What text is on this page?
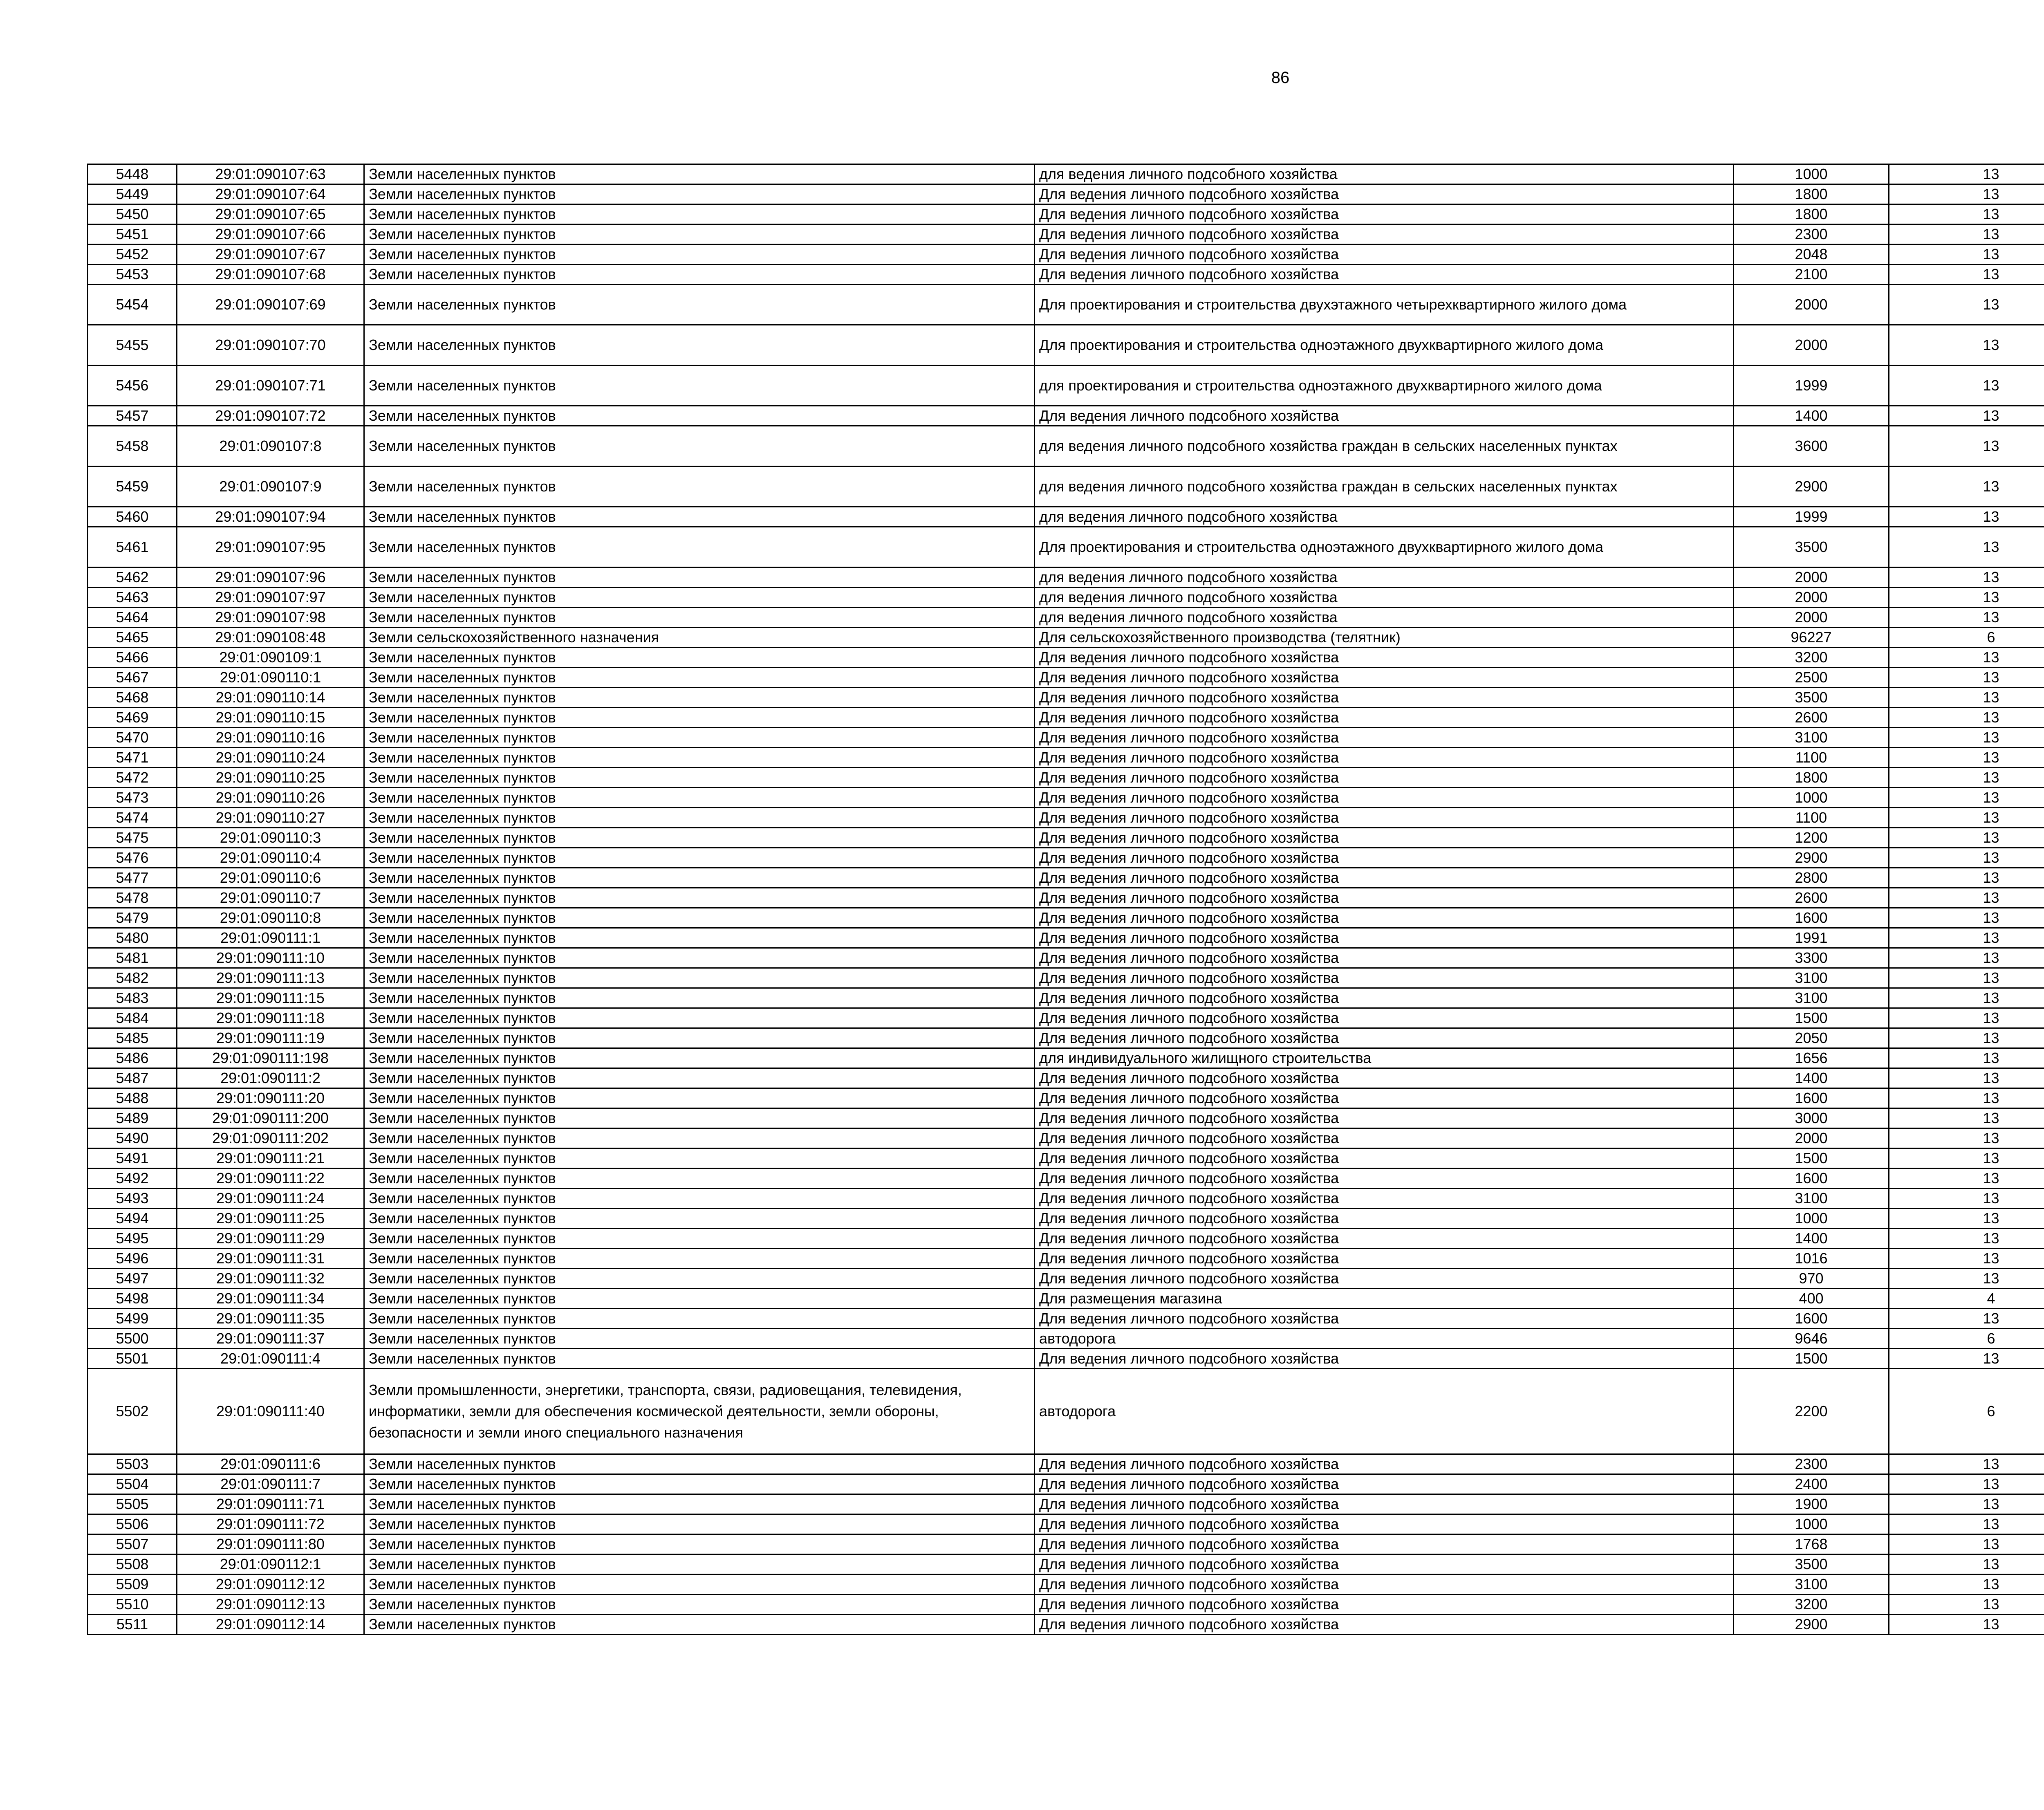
86
5448	29:01:090107:63	Земли населенных пунктов	для ведения личного подсобного хозяйства	1000	13		
5449	29:01:090107:64	Земли населенных пунктов	Для ведения личного подсобного хозяйства	1800	13		
5450	29:01:090107:65	Земли населенных пунктов	Для ведения личного подсобного хозяйства	1800	13		
5451	29:01:090107:66	Земли населенных пунктов	Для ведения личного подсобного хозяйства	2300	13		
5452	29:01:090107:67	Земли населенных пунктов	Для ведения личного подсобного хозяйства	2048	13		
5453	29:01:090107:68	Земли населенных пунктов	Для ведения личного подсобного хозяйства	2100	13		
5454	29:01:090107:69	Земли населенных пунктов	Для проектирования и строительства двухэтажного четырехквартирного жилого дома	2000	13		
5455	29:01:090107:70	Земли населенных пунктов	Для проектирования и строительства одноэтажного двухквартирного жилого дома	2000	13		
5456	29:01:090107:71	Земли населенных пунктов	для проектирования и строительства одноэтажного двухквартирного жилого дома	1999	13		
5457	29:01:090107:72	Земли населенных пунктов	Для ведения личного подсобного хозяйства	1400	13		
5458	29:01:090107:8	Земли населенных пунктов	для ведения личного подсобного хозяйства граждан в сельских населенных пунктах	3600	13		
5459	29:01:090107:9	Земли населенных пунктов	для ведения личного подсобного хозяйства граждан в сельских населенных пунктах	2900	13		
5460	29:01:090107:94	Земли населенных пунктов	для ведения личного подсобного хозяйства	1999	13		
5461	29:01:090107:95	Земли населенных пунктов	Для проектирования и строительства одноэтажного двухквартирного жилого дома	3500	13		
5462	29:01:090107:96	Земли населенных пунктов	для ведения личного подсобного хозяйства	2000	13		
5463	29:01:090107:97	Земли населенных пунктов	для ведения личного подсобного хозяйства	2000	13		
5464	29:01:090107:98	Земли населенных пунктов	для ведения личного подсобного хозяйства	2000	13		
5465	29:01:090108:48	Земли сельскохозяйственного назначения	Для сельскохозяйственного производства (телятник)	96227	6		
5466	29:01:090109:1	Земли населенных пунктов	Для ведения личного подсобного хозяйства	3200	13		
5467	29:01:090110:1	Земли населенных пунктов	Для ведения личного подсобного хозяйства	2500	13		
5468	29:01:090110:14	Земли населенных пунктов	Для ведения личного подсобного хозяйства	3500	13		
5469	29:01:090110:15	Земли населенных пунктов	Для ведения личного подсобного хозяйства	2600	13		
5470	29:01:090110:16	Земли населенных пунктов	Для ведения личного подсобного хозяйства	3100	13		
5471	29:01:090110:24	Земли населенных пунктов	Для ведения личного подсобного хозяйства	1100	13		
5472	29:01:090110:25	Земли населенных пунктов	Для ведения личного подсобного хозяйства	1800	13		
5473	29:01:090110:26	Земли населенных пунктов	Для ведения личного подсобного хозяйства	1000	13		
5474	29:01:090110:27	Земли населенных пунктов	Для ведения личного подсобного хозяйства	1100	13		
5475	29:01:090110:3	Земли населенных пунктов	Для ведения личного подсобного хозяйства	1200	13		
5476	29:01:090110:4	Земли населенных пунктов	Для ведения личного подсобного хозяйства	2900	13		
5477	29:01:090110:6	Земли населенных пунктов	Для ведения личного подсобного хозяйства	2800	13		
5478	29:01:090110:7	Земли населенных пунктов	Для ведения личного подсобного хозяйства	2600	13		
5479	29:01:090110:8	Земли населенных пунктов	Для ведения личного подсобного хозяйства	1600	13		
5480	29:01:090111:1	Земли населенных пунктов	Для ведения личного подсобного хозяйства	1991	13		
5481	29:01:090111:10	Земли населенных пунктов	Для ведения личного подсобного хозяйства	3300	13		
5482	29:01:090111:13	Земли населенных пунктов	Для ведения личного подсобного хозяйства	3100	13		
5483	29:01:090111:15	Земли населенных пунктов	Для ведения личного подсобного хозяйства	3100	13		
5484	29:01:090111:18	Земли населенных пунктов	Для ведения личного подсобного хозяйства	1500	13		
5485	29:01:090111:19	Земли населенных пунктов	Для ведения личного подсобного хозяйства	2050	13		
5486	29:01:090111:198	Земли населенных пунктов	для индивидуального жилищного строительства	1656	13		
5487	29:01:090111:2	Земли населенных пунктов	Для ведения личного подсобного хозяйства	1400	13		
5488	29:01:090111:20	Земли населенных пунктов	Для ведения личного подсобного хозяйства	1600	13		
5489	29:01:090111:200	Земли населенных пунктов	Для ведения личного подсобного хозяйства	3000	13		
5490	29:01:090111:202	Земли населенных пунктов	Для ведения личного подсобного хозяйства	2000	13		
5491	29:01:090111:21	Земли населенных пунктов	Для ведения личного подсобного хозяйства	1500	13		
5492	29:01:090111:22	Земли населенных пунктов	Для ведения личного подсобного хозяйства	1600	13		
5493	29:01:090111:24	Земли населенных пунктов	Для ведения личного подсобного хозяйства	3100	13		
5494	29:01:090111:25	Земли населенных пунктов	Для ведения личного подсобного хозяйства	1000	13		
5495	29:01:090111:29	Земли населенных пунктов	Для ведения личного подсобного хозяйства	1400	13		
5496	29:01:090111:31	Земли населенных пунктов	Для ведения личного подсобного хозяйства	1016	13		
5497	29:01:090111:32	Земли населенных пунктов	Для ведения личного подсобного хозяйства	970	13		
5498	29:01:090111:34	Земли населенных пунктов	Для размещения магазина	400	4		
5499	29:01:090111:35	Земли населенных пунктов	Для ведения личного подсобного хозяйства	1600	13		
5500	29:01:090111:37	Земли населенных пунктов	автодорога	9646	6		
5501	29:01:090111:4	Земли населенных пунктов	Для ведения личного подсобного хозяйства	1500	13		
5502	29:01:090111:40	Земли промышленности, энергетики, транспорта, связи, радиовещания, телевидения, информатики, земли для обеспечения космической деятельности, земли обороны, безопасности и земли иного специального назначения	автодорога	2200	6		
5503	29:01:090111:6	Земли населенных пунктов	Для ведения личного подсобного хозяйства	2300	13		
5504	29:01:090111:7	Земли населенных пунктов	Для ведения личного подсобного хозяйства	2400	13		
5505	29:01:090111:71	Земли населенных пунктов	Для ведения личного подсобного хозяйства	1900	13		
5506	29:01:090111:72	Земли населенных пунктов	Для ведения личного подсобного хозяйства	1000	13		
5507	29:01:090111:80	Земли населенных пунктов	Для ведения личного подсобного хозяйства	1768	13		
5508	29:01:090112:1	Земли населенных пунктов	Для ведения личного подсобного хозяйства	3500	13		
5509	29:01:090112:12	Земли населенных пунктов	Для ведения личного подсобного хозяйства	3100	13		
5510	29:01:090112:13	Земли населенных пунктов	Для ведения личного подсобного хозяйства	3200	13		
5511	29:01:090112:14	Земли населенных пунктов	Для ведения личного подсобного хозяйства	2900	13		
